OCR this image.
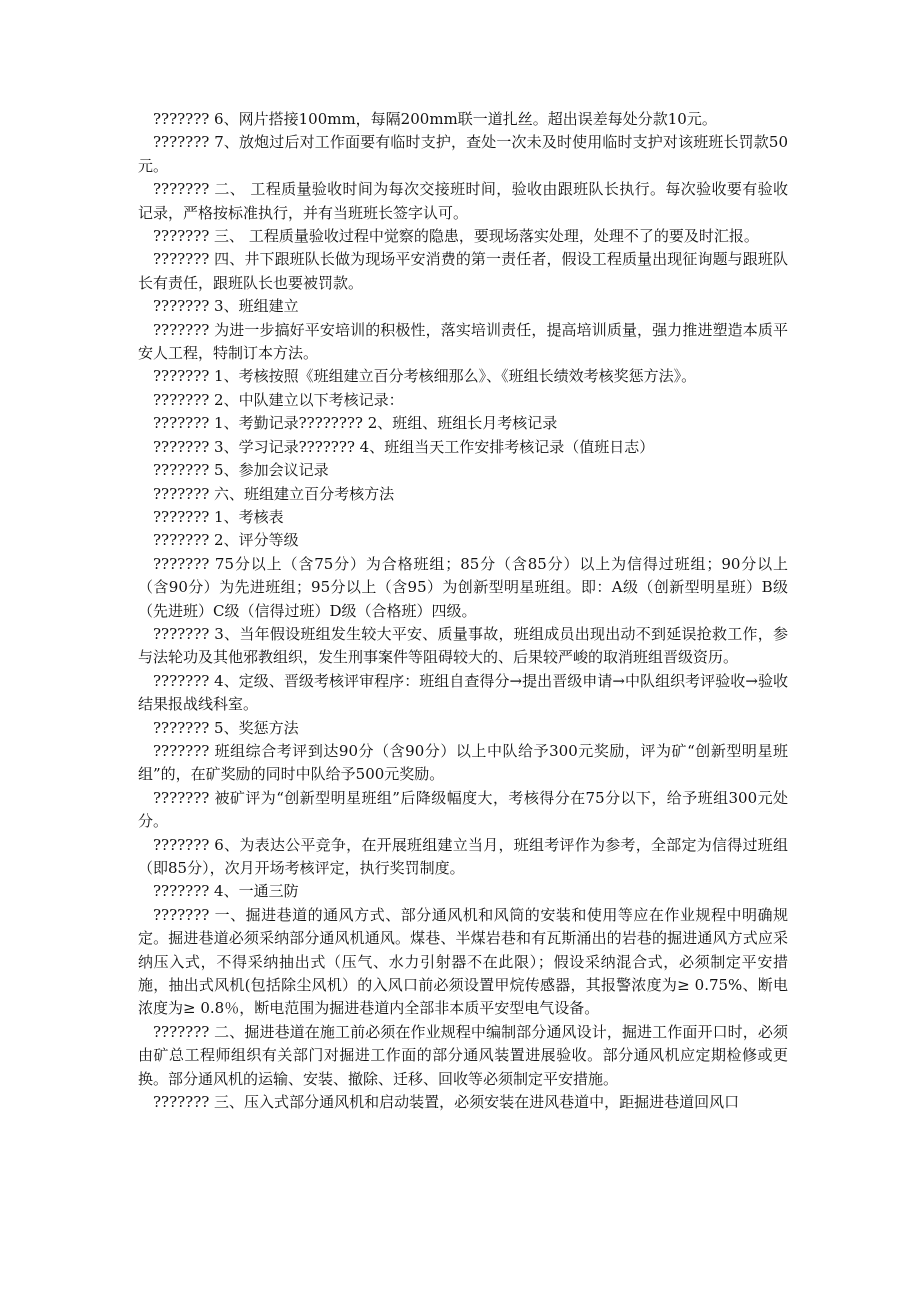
??????? 6、网片搭接100mm，每隔200mm联一道扎丝。超出误差每处分款10元。

??????? 7、放炮过后对工作面要有临时支护，查处一次未及时使用临时支护对该班班长罚款50元。

??????? 二、 工程质量验收时间为每次交接班时间，验收由跟班队长执行。每次验收要有验收记录，严格按标准执行，并有当班班长签字认可。

??????? 三、 工程质量验收过程中觉察的隐患，要现场落实处理，处理不了的要及时汇报。

??????? 四、井下跟班队长做为现场平安消费的第一责任者，假设工程质量出现征询题与跟班队长有责任，跟班队长也要被罚款。

??????? 3、班组建立

??????? 为进一步搞好平安培训的积极性，落实培训责任，提高培训质量，强力推进塑造本质平安人工程，特制订本方法。

??????? 1、考核按照《班组建立百分考核细那么》、《班组长绩效考核奖惩方法》。

??????? 2、中队建立以下考核记录：

??????? 1、考勤记录???????? 2、班组、班组长月考核记录

??????? 3、学习记录??????? 4、班组当天工作安排考核记录（值班日志）

??????? 5、参加会议记录

??????? 六、班组建立百分考核方法

??????? 1、考核表

??????? 2、评分等级

??????? 75分以上（含75分）为合格班组；85分（含85分）以上为信得过班组；90分以上（含90分）为先进班组；95分以上（含95）为创新型明星班组。即：A级（创新型明星班）B级（先进班）C级（信得过班）D级（合格班）四级。

??????? 3、当年假设班组发生较大平安、质量事故，班组成员出现出动不到延误抢救工作，参与法轮功及其他邪教组织，发生刑事案件等阻碍较大的、后果较严峻的取消班组晋级资历。

??????? 4、定级、晋级考核评审程序：班组自查得分→提出晋级申请→中队组织考评验收→验收结果报战线科室。

??????? 5、奖惩方法

??????? 班组综合考评到达90分（含90分）以上中队给予300元奖励，评为矿“创新型明星班组”的，在矿奖励的同时中队给予500元奖励。

??????? 被矿评为“创新型明星班组”后降级幅度大，考核得分在75分以下，给予班组300元处分。

??????? 6、为表达公平竞争，在开展班组建立当月，班组考评作为参考，全部定为信得过班组（即85分），次月开场考核评定，执行奖罚制度。

??????? 4、一通三防

??????? 一、掘进巷道的通风方式、部分通风机和风筒的安装和使用等应在作业规程中明确规定。掘进巷道必须采纳部分通风机通风。煤巷、半煤岩巷和有瓦斯涌出的岩巷的掘进通风方式应采纳压入式，不得采纳抽出式（压气、水力引射器不在此限）；假设采纳混合式，必须制定平安措施，抽出式风机(包括除尘风机）的入风口前必须设置甲烷传感器，其报警浓度为≥ 0.75%、断电浓度为≥ 0.8％，断电范围为掘进巷道内全部非本质平安型电气设备。

??????? 二、掘进巷道在施工前必须在作业规程中编制部分通风设计，掘进工作面开口时，必须由矿总工程师组织有关部门对掘进工作面的部分通风装置进展验收。部分通风机应定期检修或更换。部分通风机的运输、安装、撤除、迁移、回收等必须制定平安措施。

??????? 三、压入式部分通风机和启动装置，必须安装在进风巷道中，距掘进巷道回风口
